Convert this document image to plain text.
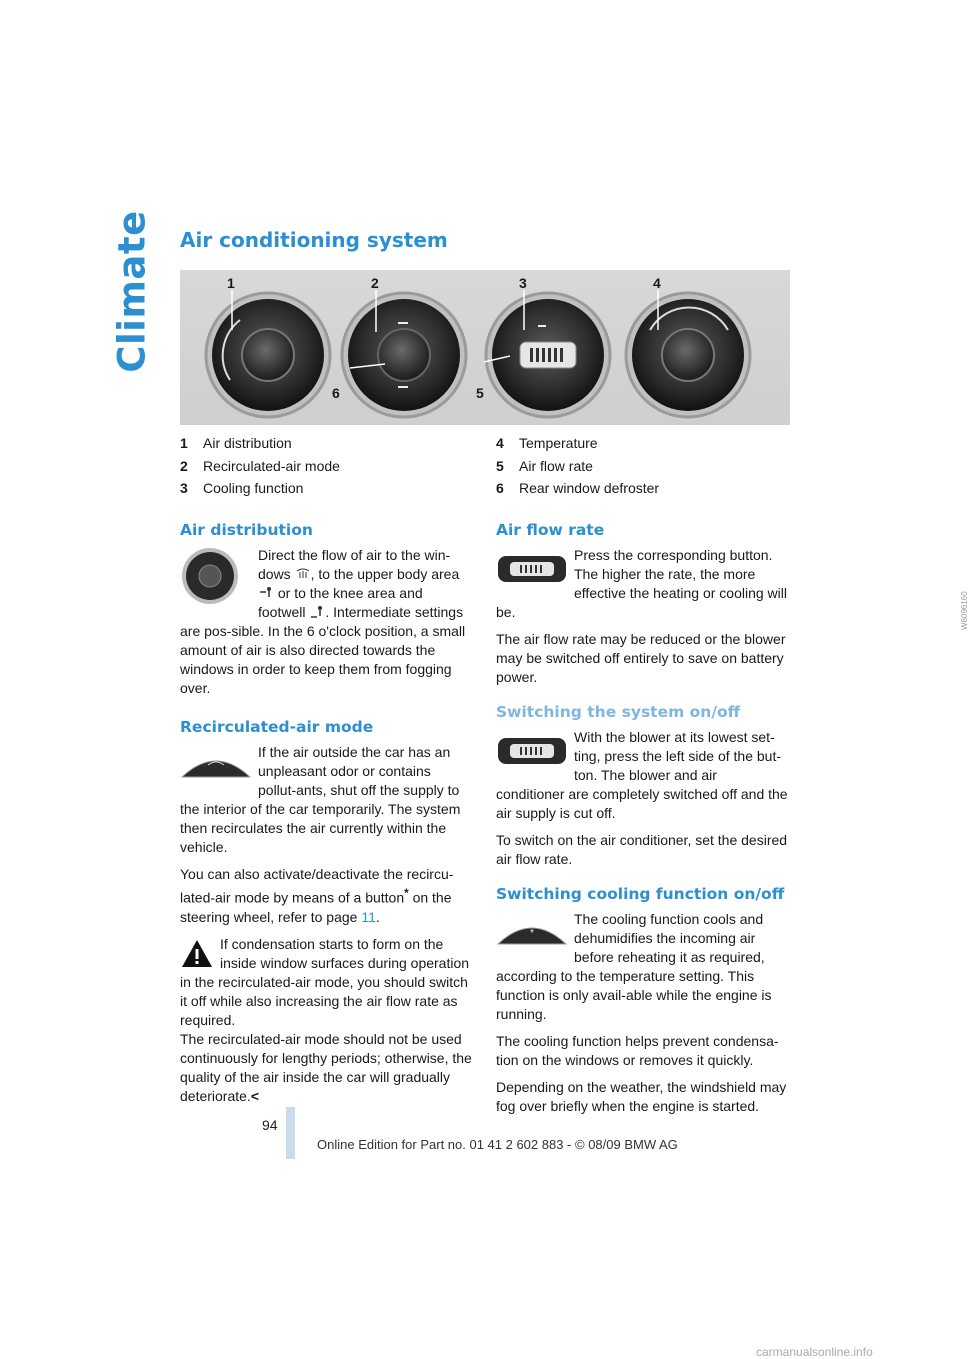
Climate Air conditioning system
1	2	3	4
6	5
W6096160
1	Air distribution
2	Recirculated-air mode
3	Cooling function
4	Temperature
5	Air flow rate
6	Rear window defroster
Air distribution

Direct the flow of air to the win-dows , to the upper body area  or to the knee area and footwell . Intermediate settings are pos-sible. In the 6 o'clock position, a small amount of air is also directed towards the windows in order to keep them from fogging over.

Recirculated-air mode

If the air outside the car has an unpleasant odor or contains pollut-ants, shut off the supply to the interior of the car temporarily. The system then recirculates the air currently within the vehicle.

You can also activate/deactivate the recircu-lated-air mode by means of a button* on the steering wheel, refer to page 11.

If condensation starts to form on the inside window surfaces during operation in the recirculated-air mode, you should switch it off while also increasing the air flow rate as required.

The recirculated-air mode should not be used continuously for lengthy periods; otherwise, the quality of the air inside the car will gradually deteriorate.<

Air flow rate

Press the corresponding button. The higher the rate, the more effective the heating or cooling will be.

The air flow rate may be reduced or the blower may be switched off entirely to save on battery power.

Switching the system on/off

With the blower at its lowest set-ting, press the left side of the but-ton. The blower and air conditioner are completely switched off and the air supply is cut off.

To switch on the air conditioner, set the desired air flow rate.

Switching cooling function on/off
*

The cooling function cools and dehumidifies the incoming air before reheating it as required, according to the temperature setting. This function is only avail-able while the engine is running.

The cooling function helps prevent condensa-tion on the windows or removes it quickly.

Depending on the weather, the windshield may fog over briefly when the engine is started.

94
Online Edition for Part no. 01 41 2 602 883 - © 08/09 BMW AG
carmanualsonline.info
